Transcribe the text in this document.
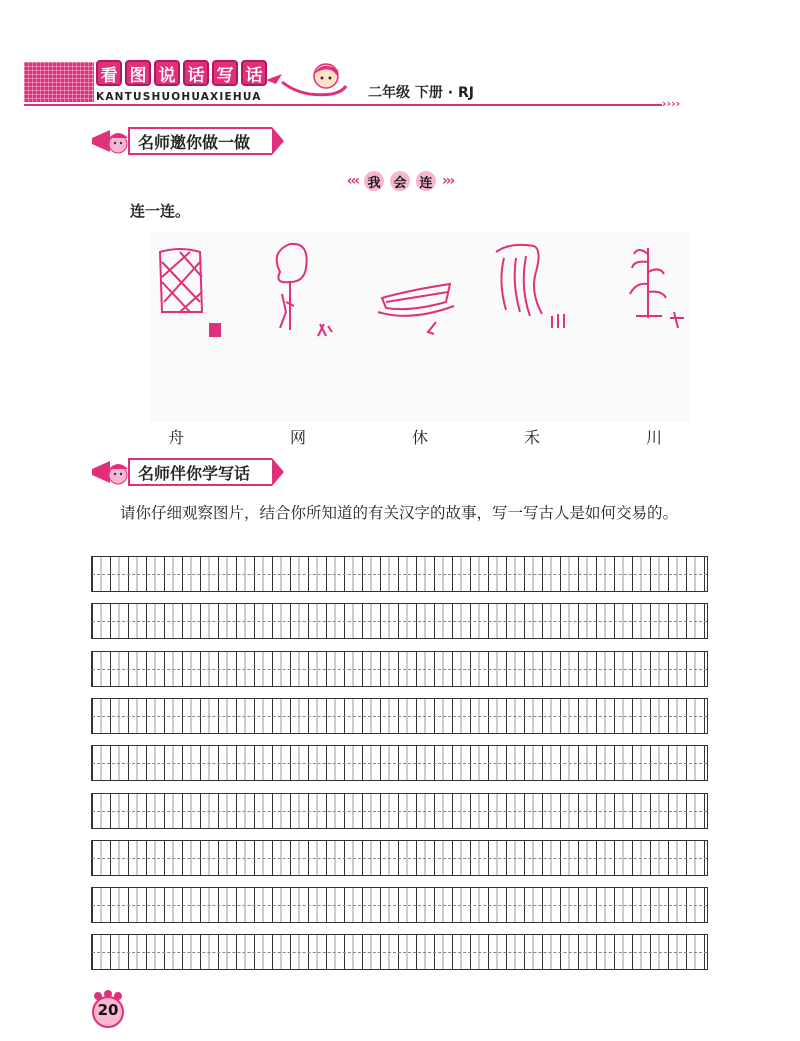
看 图 说 话 写 话
KANTUSHUOHUAXIEHUA	二年级 下册 · RJ
››››
名师邀你做一做
‹‹‹ 我 会 连 ›››
连一连。
舟	网	休	禾	川
名师伴你学写话
请你仔细观察图片，结合你所知道的有关汉字的故事，写一写古人是如何交易的。
20
